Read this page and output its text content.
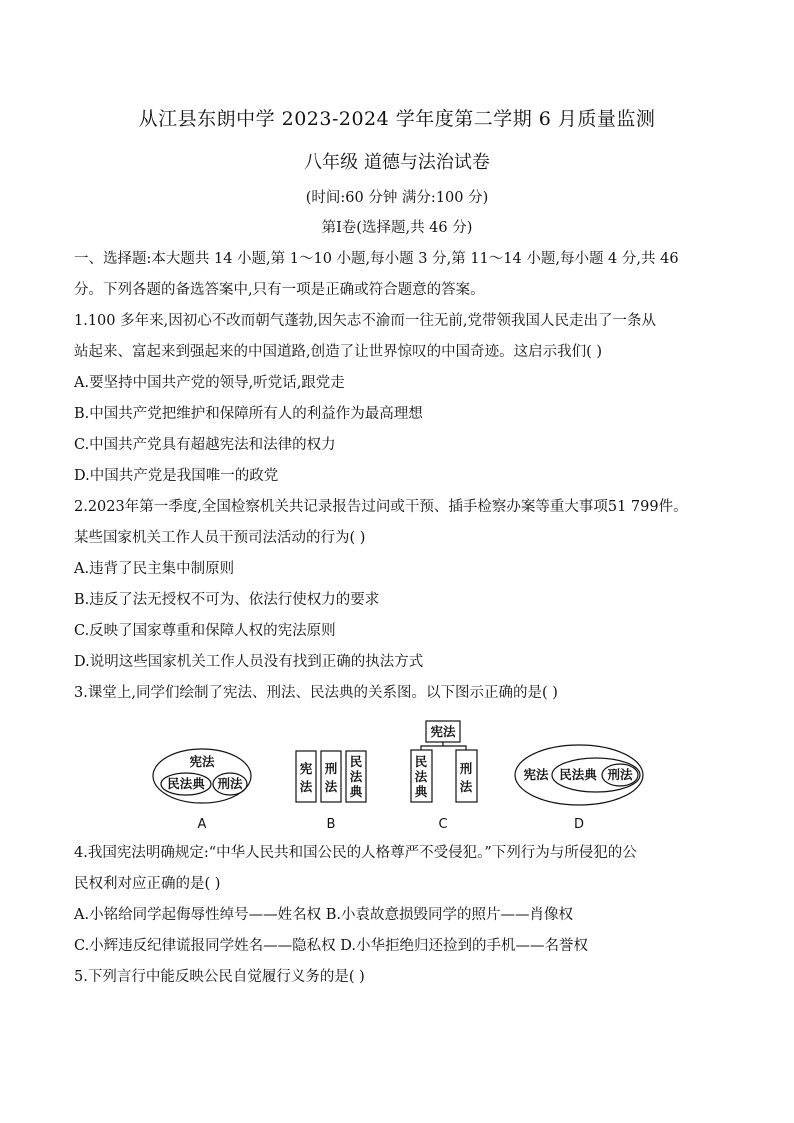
从江县东朗中学 2023-2024 学年度第二学期 6 月质量监测
八年级 道德与法治试卷
(时间:60 分钟 满分:100 分)
第Ⅰ卷(选择题,共 46 分)
一、选择题:本大题共 14 小题,第 1～10 小题,每小题 3 分,第 11～14 小题,每小题 4 分,共 46
分。下列各题的备选答案中,只有一项是正确或符合题意的答案。
1.100 多年来,因初心不改而朝气蓬勃,因矢志不渝而一往无前,党带领我国人民走出了一条从
站起来、富起来到强起来的中国道路,创造了让世界惊叹的中国奇迹。这启示我们( )
A.要坚持中国共产党的领导,听党话,跟党走
B.中国共产党把维护和保障所有人的利益作为最高理想
C.中国共产党具有超越宪法和法律的权力
D.中国共产党是我国唯一的政党
2.2023年第一季度,全国检察机关共记录报告过问或干预、插手检察办案等重大事项51 799件。
某些国家机关工作人员干预司法活动的行为( )
A.违背了民主集中制原则
B.违反了法无授权不可为、依法行使权力的要求
C.反映了国家尊重和保障人权的宪法原则
D.说明这些国家机关工作人员没有找到正确的执法方式
3.课堂上,同学们绘制了宪法、刑法、民法典的关系图。以下图示正确的是( )
宪法
民法典 刑法
宪
法
刑
法
民
法
典
宪法
民
法
典
刑
法
宪法 民法典 刑法
A	B	C	D
4.我国宪法明确规定:“中华人民共和国公民的人格尊严不受侵犯。”下列行为与所侵犯的公
民权利对应正确的是( )
A.小铭给同学起侮辱性绰号——姓名权 B.小袁故意损毁同学的照片——肖像权
C.小辉违反纪律谎报同学姓名——隐私权 D.小华拒绝归还捡到的手机——名誉权
5.下列言行中能反映公民自觉履行义务的是( )
